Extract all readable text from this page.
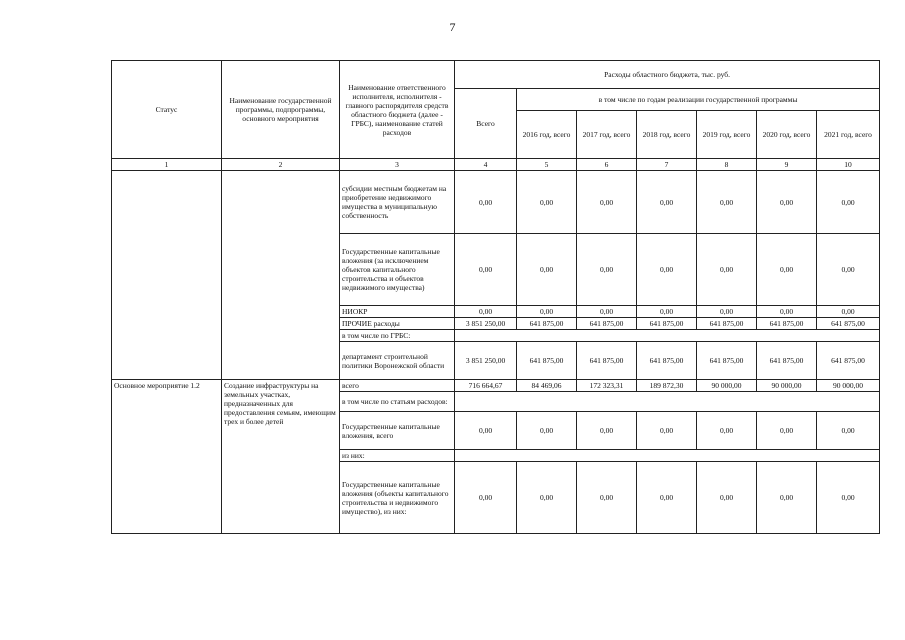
7
Статус	Наименование государственной программы, подпрограммы, основного мероприятия	Наименование ответственного исполнителя, исполнителя - главного распорядителя средств областного бюджета (далее - ГРБС), наименование статей расходов	Расходы областного бюджета, тыс. руб.						
			Всего	в том числе по годам реализации государственной программы					
				2016 год, всего	2017 год, всего	2018 год, всего	2019 год, всего	2020 год, всего	2021 год, всего
1	2	3	4	5	6	7	8	9	10
		субсидии местным бюджетам на приобретение недвижимого имущества в муниципальную собственность	0,00	0,00	0,00	0,00	0,00	0,00	0,00
		Государственные капитальные вложения (за исключением объектов капитального строительства и объектов недвижимого имущества)	0,00	0,00	0,00	0,00	0,00	0,00	0,00
		НИОКР	0,00	0,00	0,00	0,00	0,00	0,00	0,00
		ПРОЧИЕ расходы	3 851 250,00	641 875,00	641 875,00	641 875,00	641 875,00	641 875,00	641 875,00
		в том числе по ГРБС:							
		департамент строительной политики Воронежской области	3 851 250,00	641 875,00	641 875,00	641 875,00	641 875,00	641 875,00	641 875,00
Основное мероприятие 1.2	Создание инфраструктуры на земельных участках, предназначенных для предоставления семьям, имеющим трех и более детей	всего	716 664,67	84 469,06	172 323,31	189 872,30	90 000,00	90 000,00	90 000,00
		в том числе по статьям расходов:							
		Государственные капитальные вложения, всего	0,00	0,00	0,00	0,00	0,00	0,00	0,00
		из них:							
		Государственные капитальные вложения (объекты капитального строительства и недвижимого имущество), из них:	0,00	0,00	0,00	0,00	0,00	0,00	0,00
